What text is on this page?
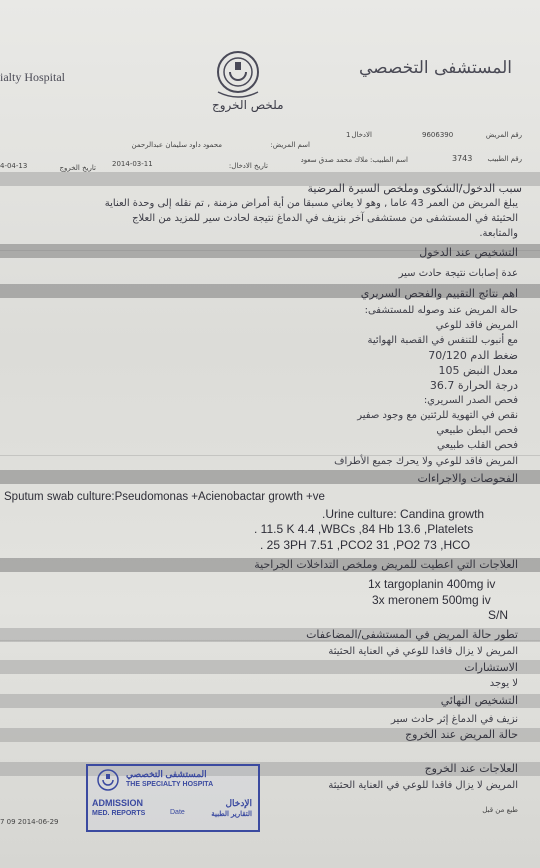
المستشفى التخصصي
ialty Hospital
ملخص الخروج
رقم المريض
9606390
الادخال
1
اسم المريض:
محمود داود سليمان عبدالرحمن
رقم الطبيب
3743
اسم الطبيب:
ملاك محمد صدق سعود
تاريخ الادخال:
2014-03-11
تاريخ الخروج
4-04-13
سبب الدخول/الشكوى وملخص السيرة المرضية
يبلغ المريض من العمر 43 عاما , وهو لا يعاني مسبقا من أية أمراض مزمنة , تم نقله إلى وحدة العناية
الحثيثة في المستشفى من مستشفى آخر بنزيف في الدماغ نتيجة لحادث سير للمزيد من العلاج
والمتابعة.
التشخيص عند الدخول
عدة إصابات نتيجة حادث سير
اهم نتائج التقييم والفحص السريري
حالة المريض عند وصوله للمستشفى:
المريض فاقد للوعي
مع أنبوب للتنفس في القصبة الهوائية
ضغط الدم 70/120
معدل النبض 105
درجة الحرارة 36.7
فحص الصدر السريري:
نقص في التهوية للرئتين مع وجود صفير
فحص البطن طبيعي
فحص القلب طبيعي
المريض فاقد للوعي ولا يحرك جميع الأطراف
الفحوصات والاجراءات
Sputum swab culture:Pseudomonas +Acienobactar growth +ve
.Urine culture: Candina growth
. 11.5 K 4.4 ,WBCs ,84 Hb 13.6 ,Platelets
. 25 3PH 7.51 ,PCO2 31 ,PO2 73 ,HCO
العلاجات التي اعطيت للمريض وملخص التداخلات الجراحية
1x targoplanin 400mg iv
3x meronem 500mg iv
S/N
تطور حالة المريض في المستشفى/المضاعفات
المريض لا يزال فاقدا للوعي في العناية الحثيثة
الاستشارات
لا يوجد
التشخيص النهائي
نزيف في الدماغ إثر حادث سير
حالة المريض عند الخروج
العلاجات عند الخروج
المريض لا يزال فاقدا للوعي في العناية الحثيثة
طبع من قبل
المستشفى التخصصي
THE SPECIALTY HOSPITA
ADMISSION
MED. REPORTS
الإدخال
التقارير الطبية
Date
7 09 2014-06-29
